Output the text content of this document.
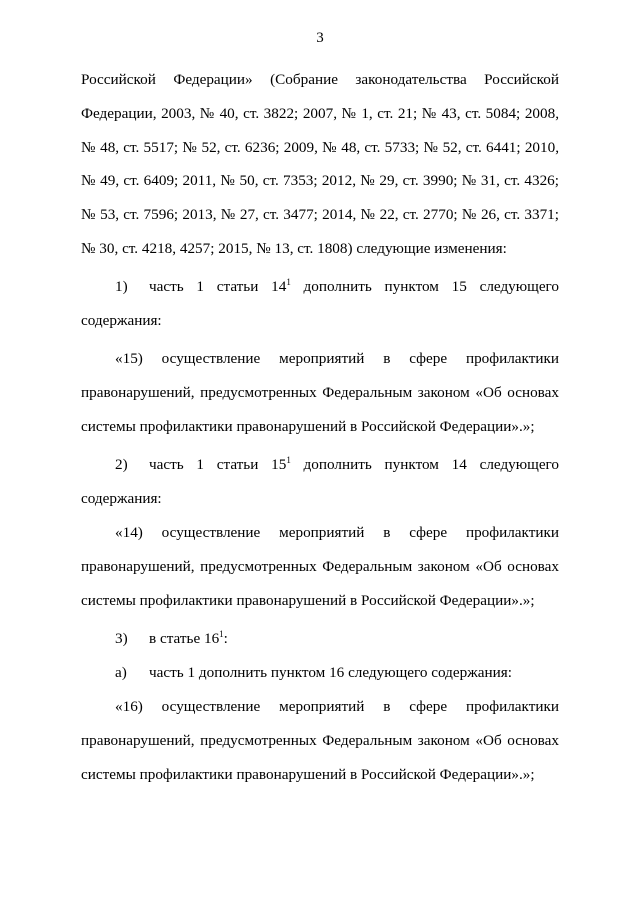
3
Российской Федерации» (Собрание законодательства Российской
Федерации, 2003, № 40, ст. 3822; 2007, № 1, ст. 21; № 43, ст. 5084; 2008,
№ 48, ст. 5517; № 52, ст. 6236; 2009, № 48, ст. 5733; № 52, ст. 6441; 2010,
№ 49, ст. 6409; 2011, № 50, ст. 7353; 2012, № 29, ст. 3990; № 31, ст. 4326;
№ 53, ст. 7596; 2013, № 27, ст. 3477; 2014, № 22, ст. 2770; № 26, ст. 3371;
№ 30, ст. 4218, 4257; 2015, № 13, ст. 1808) следующие изменения:
1) часть 1 статьи $14^1$ дополнить пунктом 15 следующего
содержания:
«15) осуществление мероприятий в сфере профилактики
правонарушений, предусмотренных Федеральным законом «Об основах
системы профилактики правонарушений в Российской Федерации».»;
2) часть 1 статьи $15^1$ дополнить пунктом 14 следующего
содержания:
«14) осуществление мероприятий в сфере профилактики
правонарушений, предусмотренных Федеральным законом «Об основах
системы профилактики правонарушений в Российской Федерации».»;
3) в статье $16^1$:
а) часть 1 дополнить пунктом 16 следующего содержания:
«16) осуществление мероприятий в сфере профилактики
правонарушений, предусмотренных Федеральным законом «Об основах
системы профилактики правонарушений в Российской Федерации».»;
